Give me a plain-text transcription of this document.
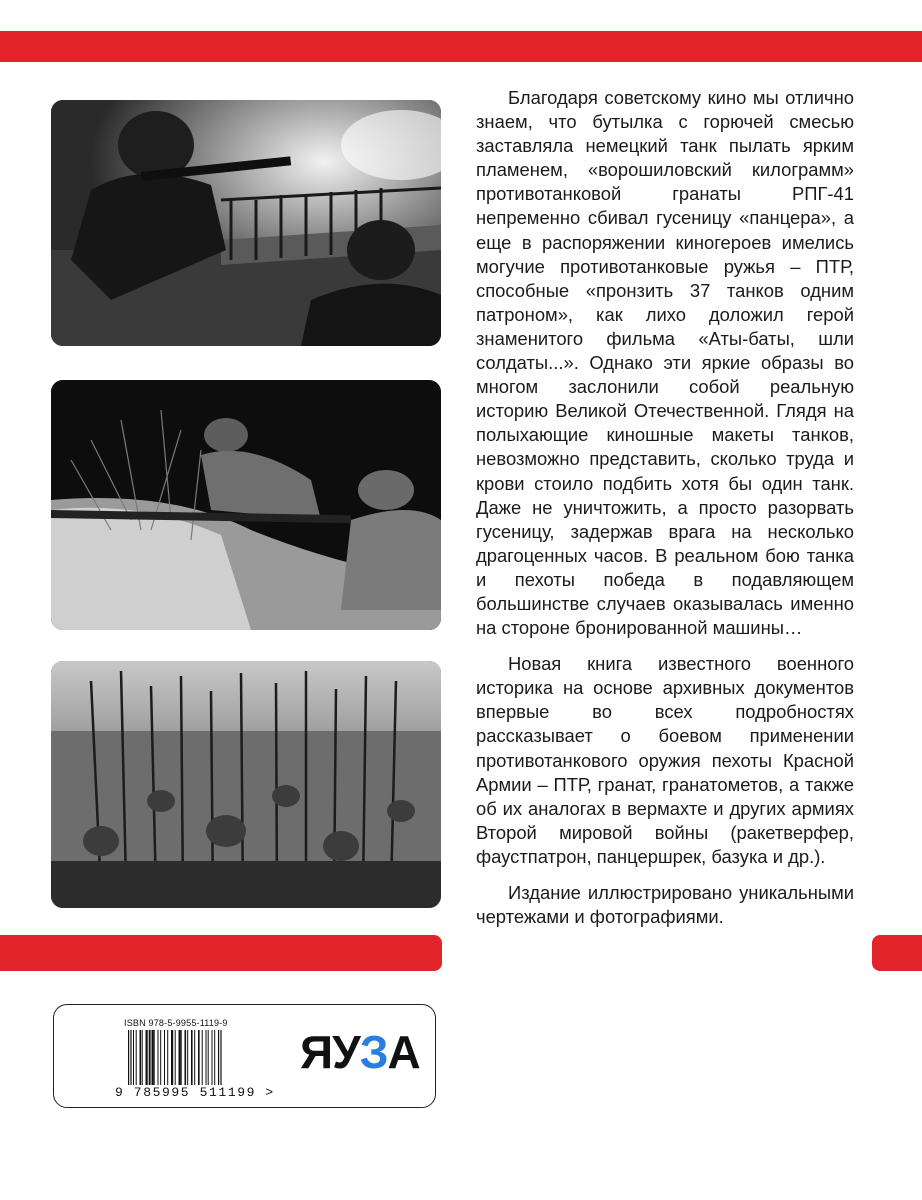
Благодаря советскому кино мы отлично знаем, что бутылка с горючей смесью заставляла немецкий танк пылать ярким пламенем, «ворошиловский килограмм» противотанковой гранаты РПГ-41 непременно сбивал гусеницу «панцера», а еще в распоряжении киногероев имелись могучие противотанковые ружья – ПТР, способные «пронзить 37 танков одним патроном», как лихо доложил герой знаменитого фильма «Аты-баты, шли солдаты...». Однако эти яркие образы во многом заслонили собой реальную историю Великой Отечественной. Глядя на полыхающие киношные макеты танков, невозможно представить, сколько труда и крови стоило подбить хотя бы один танк. Даже не уничтожить, а просто разорвать гусеницу, задержав врага на несколько драгоценных часов. В реальном бою танка и пехоты победа в подавляющем большинстве случаев оказывалась именно на стороне бронированной машины…

Новая книга известного военного историка на основе архивных документов впервые во всех подробностях рассказывает о боевом применении противотанкового оружия пехоты Красной Армии – ПТР, гранат, гранатометов, а также об их аналогах в вермахте и других армиях Второй мировой войны (ракетверфер, фаустпатрон, панцершрек, базука и др.).

Издание иллюстрировано уникальными чертежами и фотографиями.

ISBN 978-5-9955-1119-9
9 785995 511199 >
ЯУЗА
